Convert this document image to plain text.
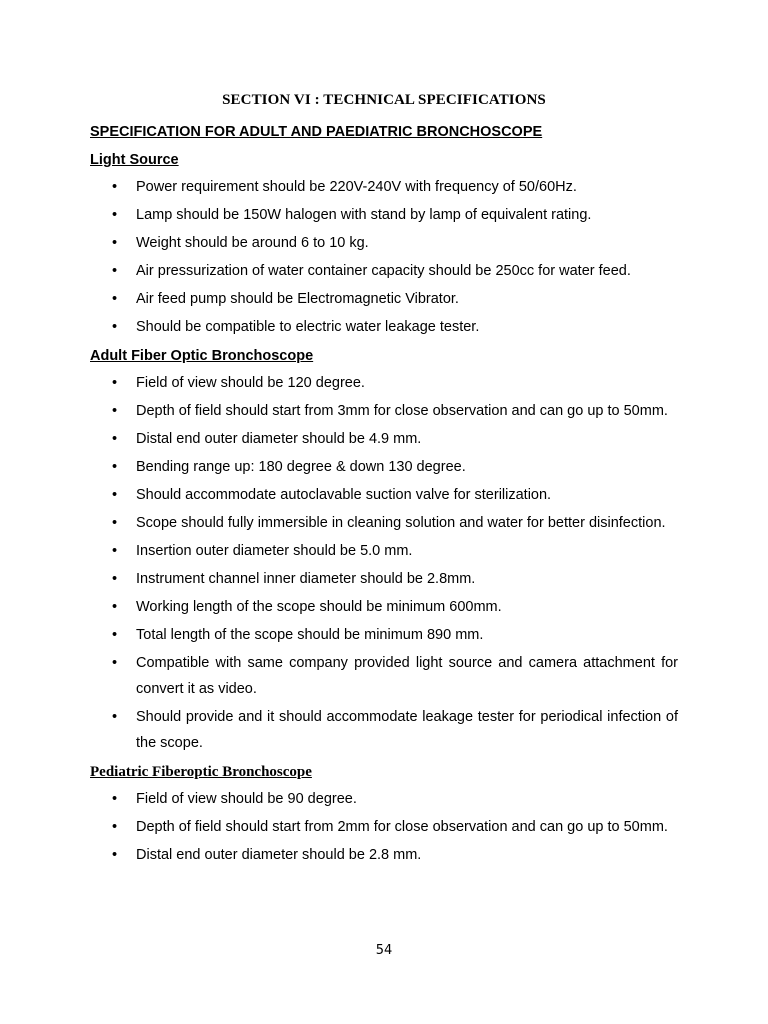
SECTION VI : TECHNICAL SPECIFICATIONS
SPECIFICATION FOR ADULT AND PAEDIATRIC BRONCHOSCOPE
Light Source
• Power requirement should be 220V-240V with frequency of 50/60Hz.
• Lamp should be 150W halogen with stand by lamp of equivalent rating.
• Weight should be around 6 to 10 kg.
• Air pressurization of water container capacity should be 250cc for water feed.
• Air feed pump should be Electromagnetic Vibrator.
• Should be compatible to electric water leakage tester.
Adult Fiber Optic Bronchoscope
• Field of view should be 120 degree.
• Depth of field should start from 3mm for close observation and can go up to 50mm.
• Distal end outer diameter should be 4.9 mm.
• Bending range up: 180 degree & down 130 degree.
• Should accommodate autoclavable suction valve for sterilization.
• Scope should fully immersible in cleaning solution and water for better disinfection.
• Insertion outer diameter should be 5.0 mm.
• Instrument channel inner diameter should be 2.8mm.
• Working length of the scope should be minimum 600mm.
• Total length of the scope should be minimum 890 mm.
• Compatible with same company provided light source and camera attachment for convert it as video.
• Should provide and it should accommodate leakage tester for periodical infection of the scope.
Pediatric Fiberoptic Bronchoscope
• Field of view should be 90 degree.
• Depth of field should start from 2mm for close observation and can go up to 50mm.
• Distal end outer diameter should be 2.8 mm.
54
